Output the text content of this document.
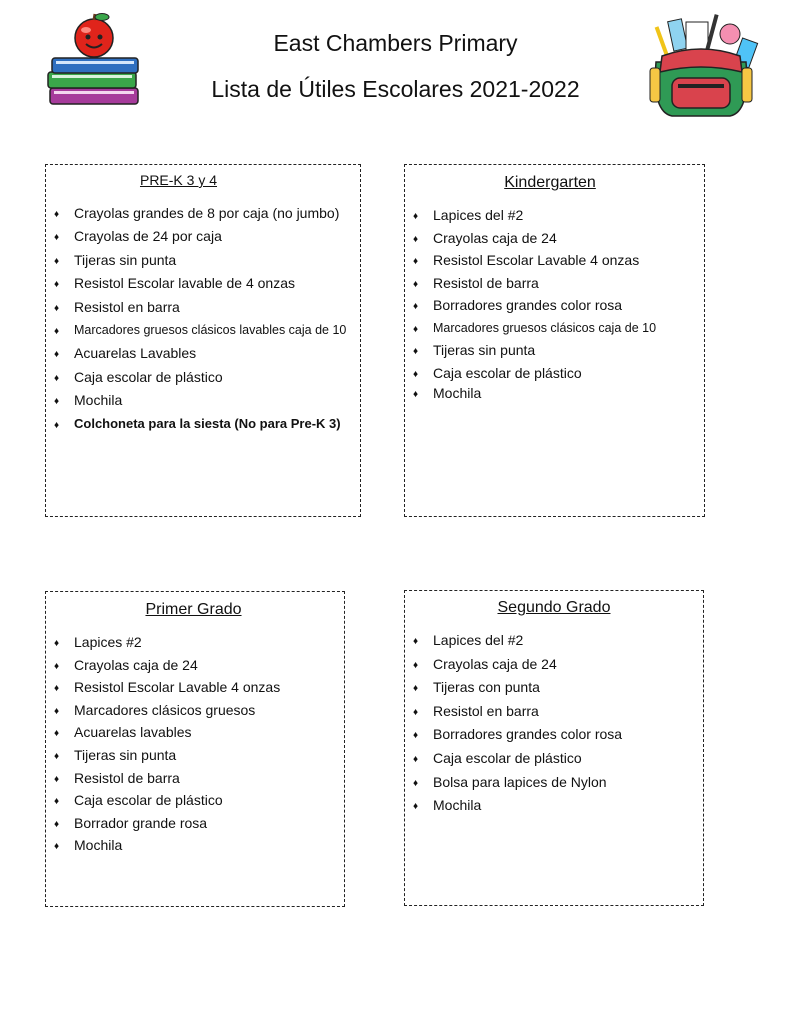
East Chambers Primary
Lista de Útiles Escolares 2021-2022
PRE-K 3 y 4
♦ Crayolas grandes de 8 por caja (no jumbo)
♦ Crayolas de 24 por caja
♦ Tijeras sin punta
♦ Resistol Escolar lavable de 4 onzas
♦ Resistol en barra
♦ Marcadores gruesos clásicos lavables caja de 10
♦ Acuarelas Lavables
♦ Caja escolar de plástico
♦ Mochila
♦ Colchoneta para la siesta (No para Pre-K 3)
Kindergarten
♦ Lapices del #2
♦ Crayolas caja de 24
♦ Resistol Escolar Lavable 4 onzas
♦ Resistol de barra
♦ Borradores grandes color rosa
♦ Marcadores gruesos clásicos caja de 10
♦ Tijeras sin punta
♦ Caja escolar de plástico
♦ Mochila
Primer Grado
♦ Lapices #2
♦ Crayolas caja de 24
♦ Resistol Escolar Lavable 4 onzas
♦ Marcadores clásicos gruesos
♦ Acuarelas lavables
♦ Tijeras sin punta
♦ Resistol de barra
♦ Caja escolar de plástico
♦ Borrador grande rosa
♦ Mochila
Segundo Grado
♦ Lapices del #2
♦ Crayolas caja de 24
♦ Tijeras con punta
♦ Resistol en barra
♦ Borradores grandes color rosa
♦ Caja escolar de plástico
♦ Bolsa para lapices de Nylon
♦ Mochila
